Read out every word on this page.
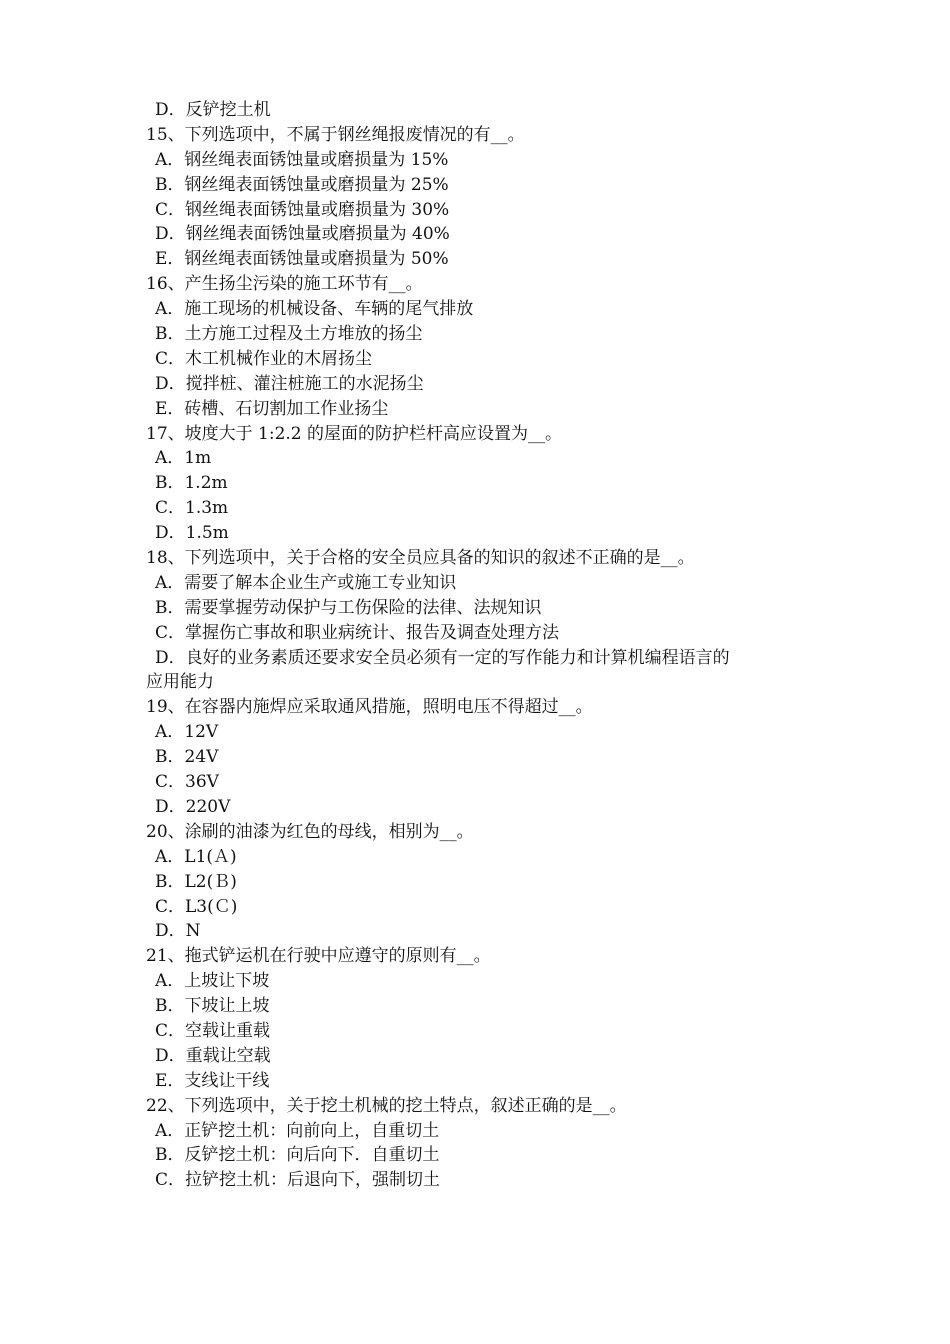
D．反铲挖土机
15、下列选项中，不属于钢丝绳报废情况的有__。
A．钢丝绳表面锈蚀量或磨损量为 15%
B．钢丝绳表面锈蚀量或磨损量为 25%
C．钢丝绳表面锈蚀量或磨损量为 30%
D．钢丝绳表面锈蚀量或磨损量为 40%
E．钢丝绳表面锈蚀量或磨损量为 50%
16、产生扬尘污染的施工环节有__。
A．施工现场的机械设备、车辆的尾气排放
B．土方施工过程及土方堆放的扬尘
C．木工机械作业的木屑扬尘
D．搅拌桩、灌注桩施工的水泥扬尘
E．砖槽、石切割加工作业扬尘
17、坡度大于 1:2.2 的屋面的防护栏杆高应设置为__。
A．1m
B．1.2m
C．1.3m
D．1.5m
18、下列选项中，关于合格的安全员应具备的知识的叙述不正确的是__。
A．需要了解本企业生产或施工专业知识
B．需要掌握劳动保护与工伤保险的法律、法规知识
C．掌握伤亡事故和职业病统计、报告及调查处理方法
D．良好的业务素质还要求安全员必须有一定的写作能力和计算机编程语言的
应用能力
19、在容器内施焊应采取通风措施，照明电压不得超过__。
A．12V
B．24V
C．36V
D．220V
20、涂刷的油漆为红色的母线，相别为__。
A．L1(Ａ)
B．L2(Ｂ)
C．L3(Ｃ)
D．N
21、拖式铲运机在行驶中应遵守的原则有__。
A．上坡让下坡
B．下坡让上坡
C．空载让重载
D．重载让空载
E．支线让干线
22、下列选项中，关于挖土机械的挖土特点，叙述正确的是__。
A．正铲挖土机：向前向上，自重切土
B．反铲挖土机：向后向下．自重切土
C．拉铲挖土机：后退向下，强制切土
